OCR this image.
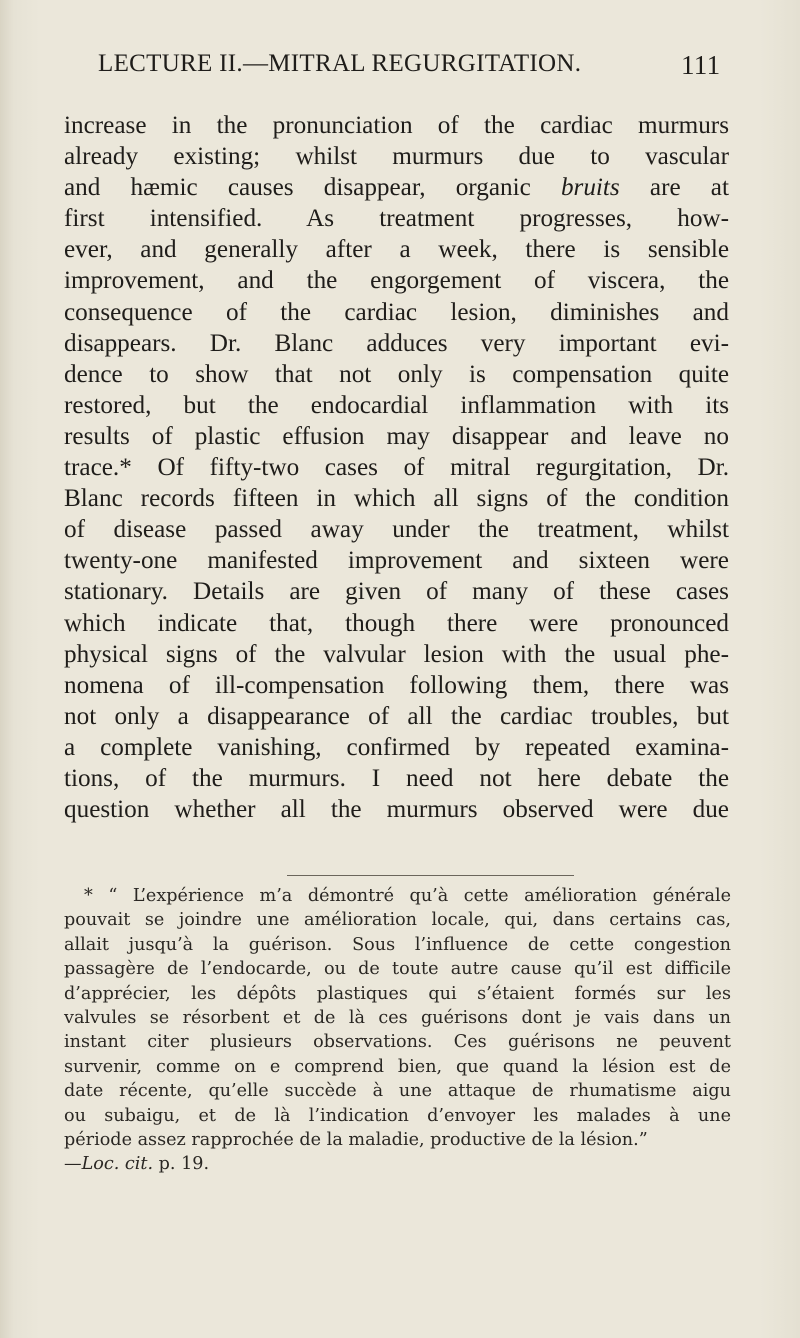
LECTURE II.—MITRAL REGURGITATION.	111
increase in the pronunciation of the cardiac murmurs
already existing; whilst murmurs due to vascular
and hæmic causes disappear, organic bruits are at
first intensified. As treatment progresses, how-
ever, and generally after a week, there is sensible
improvement, and the engorgement of viscera, the
consequence of the cardiac lesion, diminishes and
disappears. Dr. Blanc adduces very important evi-
dence to show that not only is compensation quite
restored, but the endocardial inflammation with its
results of plastic effusion may disappear and leave no
trace.* Of fifty-two cases of mitral regurgitation, Dr.
Blanc records fifteen in which all signs of the condition
of disease passed away under the treatment, whilst
twenty-one manifested improvement and sixteen were
stationary. Details are given of many of these cases
which indicate that, though there were pronounced
physical signs of the valvular lesion with the usual phe-
nomena of ill-compensation following them, there was
not only a disappearance of all the cardiac troubles, but
a complete vanishing, confirmed by repeated examina-
tions, of the murmurs. I need not here debate the
question whether all the murmurs observed were due
* “ L’expérience m’a démontré qu’à cette amélioration générale
pouvait se joindre une amélioration locale, qui, dans certains cas,
allait jusqu’à la guérison. Sous l’influence de cette congestion
passagère de l’endocarde, ou de toute autre cause qu’il est difficile
d’apprécier, les dépôts plastiques qui s’étaient formés sur les
valvules se résorbent et de là ces guérisons dont je vais dans un
instant citer plusieurs observations. Ces guérisons ne peuvent
survenir, comme on e comprend bien, que quand la lésion est de
date récente, qu’elle succède à une attaque de rhumatisme aigu
ou subaigu, et de là l’indication d’envoyer les malades à une
période assez rapprochée de la maladie, productive de la lésion.”
—Loc. cit. p. 19.
